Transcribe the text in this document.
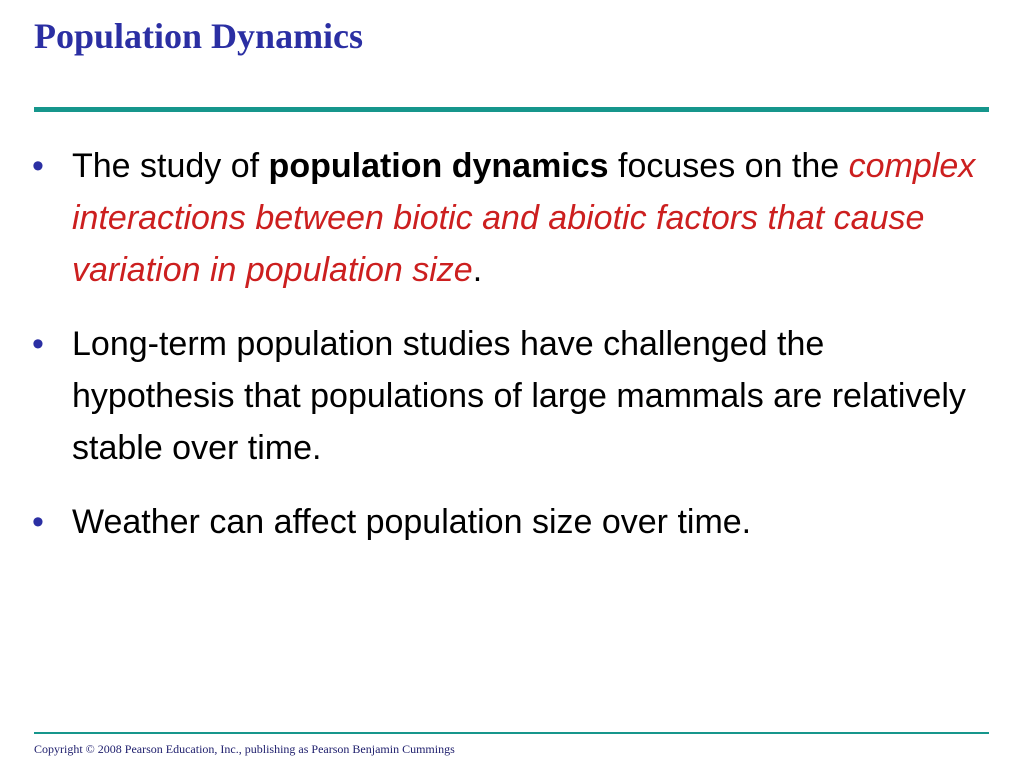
Population Dynamics
• The study of population dynamics focuses on the complex interactions between biotic and abiotic factors that cause variation in population size.
• Long-term population studies have challenged the hypothesis that populations of large mammals are relatively stable over time.
• Weather can affect population size over time.

Copyright © 2008 Pearson Education, Inc., publishing as Pearson Benjamin Cummings
